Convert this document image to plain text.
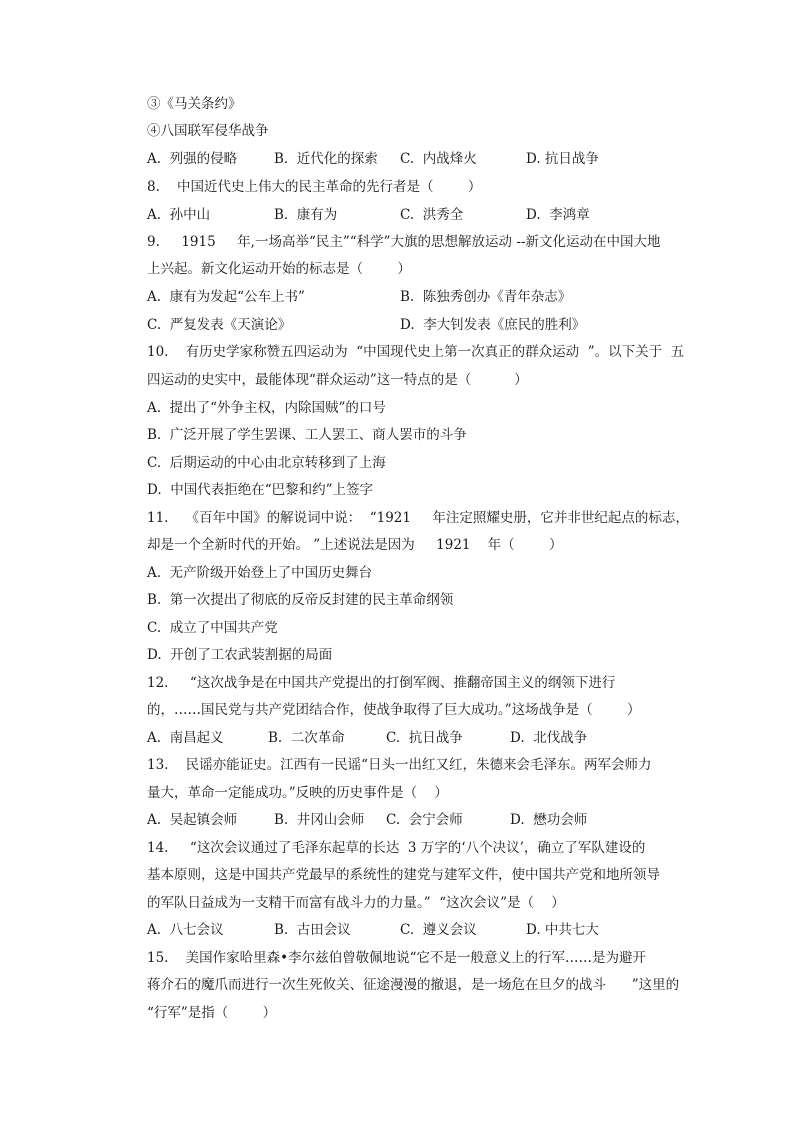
③《马关条约》
④八国联军侵华战争
A.  列强的侵略	B.  近代化的探索 C.  内战烽火	D. 抗日战争
8.    中国近代史上伟大的民主革命的先行者是（        ）
A.  孙中山	B.  康有为	C.  洪秀全	D.  李鸿章
9.     1915     年,一场高举“民主”“科学”大旗的思想解放运动 --新文化运动在中国大地
上兴起。新文化运动开始的标志是（        ）
A.  康有为发起“公车上书”	B.  陈独秀创办《青年杂志》
C.  严复发表《天演论》	D.  李大钊发表《庶民的胜利》
10.    有历史学家称赞五四运动为  “中国现代史上第一次真正的群众运动  ”。以下关于  五
四运动的史实中，最能体现“群众运动”这一特点的是（          ）
A.  提出了“外争主权，内除国贼”的口号
B.  广泛开展了学生罢课、工人罢工、商人罢市的斗争
C.  后期运动的中心由北京转移到了上海
D.  中国代表拒绝在“巴黎和约”上签字
11.    《百年中国》的解说词中说：  “1921     年注定照耀史册，它并非世纪起点的标志，
却是一个全新时代的开始。 ”上述说法是因为     1921    年（        ）
A.  无产阶级开始登上了中国历史舞台
B.  第一次提出了彻底的反帝反封建的民主革命纲领
C.  成立了中国共产党
D.  开创了工农武装割据的局面
12.     “这次战争是在中国共产党提出的打倒军阀、推翻帝国主义的纲领下进行
的，……国民党与共产党团结合作，使战争取得了巨大成功。”这场战争是（        ）
A.  南昌起义	B.  二次革命	C.  抗日战争	D.  北伐战争
13.    民谣亦能证史。江西有一民谣“日头一出红又红，朱德来会毛泽东。两军会师力
量大，革命一定能成功。”反映的历史事件是（    ）
A.  吴起镇会师	B.  井冈山会师 C.  会宁会师	D.  懋功会师
14.     “这次会议通过了毛泽东起草的长达  3 万字的‘八个决议’，确立了军队建设的
基本原则，这是中国共产党最早的系统性的建党与建军文件，使中国共产党和地所领导
的军队日益成为一支精干而富有战斗力的力量。”  “这次会议”是（    ）
A.  八七会议	B.  古田会议	C.  遵义会议	D. 中共七大
15.    美国作家哈里森•李尔兹伯曾敬佩地说“它不是一般意义上的行军……是为避开
蒋介石的魔爪而进行一次生死攸关、征途漫漫的撤退，是一场危在旦夕的战斗      ”这里的
“行军”是指（        ）
